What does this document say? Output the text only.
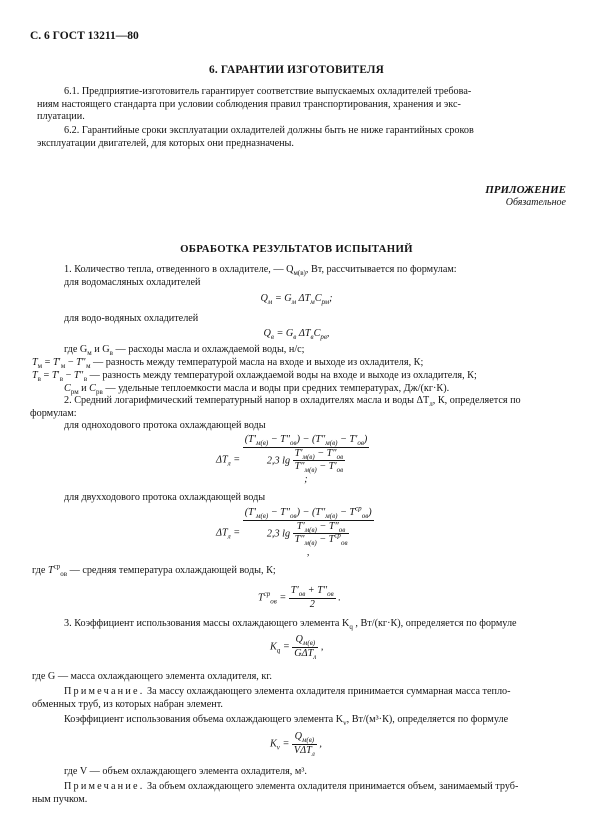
С. 6 ГОСТ 13211—80
6. ГАРАНТИИ ИЗГОТОВИТЕЛЯ
6.1. Предприятие-изготовитель гарантирует соответствие выпускаемых охладителей требова-
ниям настоящего стандарта при условии соблюдения правил транспортирования, хранения и экс-
плуатации.
6.2. Гарантийные сроки эксплуатации охладителей должны быть не ниже гарантийных сроков
эксплуатации двигателей, для которых они предназначены.
ПРИЛОЖЕНИЕ
Обязательное
ОБРАБОТКА РЕЗУЛЬТАТОВ ИСПЫТАНИЙ
1. Количество тепла, отведенного в охладителе, — $Q_{м(в)}$, Вт, рассчитывается по формулам:
для водомасляных охладителей
$Q_м = G_м$ $\Delta T_мC_{рм}$;
для водо-водяных охладителей
$Q_в = G_в$ $\Delta T_вC_{рв}$,
где $G_м$ и $G_в$ — расходы масла и охлаждаемой воды, н/с;
$T_м = T'_м - T''_м$ — разность между температурой масла на входе и выходе из охладителя, К;
$T_в = T'_в - T''_в$ — разность между температурой охлаждаемой воды на входе и выходе из охладителя, К;
$C_{рм}$ и $C_{рв}$ — удельные теплоемкости масла и воды при средних температурах, Дж/(кг·К).
2. Средний логарифмический температурный напор в охладителях масла и воды $\Delta T_л$, К, определяется по
формулам:
для одноходового протока охлаждающей воды
$\Delta T_л$ =
$(T'_{м(в)} - T''_{ов}) - (T''_{м(в)} - T'_{ов})$
2,3 $\lg \frac{T'_{м(в)} - T''_{ов}}{T''_{м(в)} - T'_{ов}}$
;
для двухходового протока охлаждающей воды
$\Delta T_л$ =
$(T'_{м(в)} - T''_{ов}) - (T''_{м(в)} - T^{ср}_{ов})$
2,3 $\lg \frac{T'_{м(в)} - T''_{ов}}{T''_{м(в)} - T^{ср}_{ов}}$
,
где $T^{ср}_{ов}$ — средняя температура охлаждающей воды, К;
$T^{ср}_{ов} = \frac{T'_{ов} + T''_{ов}}{2}$ .
3. Коэффициент использования массы охлаждающего элемента $K_q$ , Вт/(кг·К), определяется по формуле
$K_q = \frac{Q_{м(в)}}{G\Delta T_л}$ ,
где G — масса охлаждающего элемента охладителя, кг.
Примечание. За массу охлаждающего элемента охладителя принимается суммарная масса тепло-
обменных труб, из которых набран элемент.
Коэффициент использования объема охлаждающего элемента $K_v$, Вт/(м³·К), определяется по формуле
$K_v = \frac{Q_{м(в)}}{V\Delta T_л}$ ,
где V — объем охлаждающего элемента охладителя, м³.
Примечание. За объем охлаждающего элемента охладителя принимается объем, занимаемый труб-
ным пучком.
